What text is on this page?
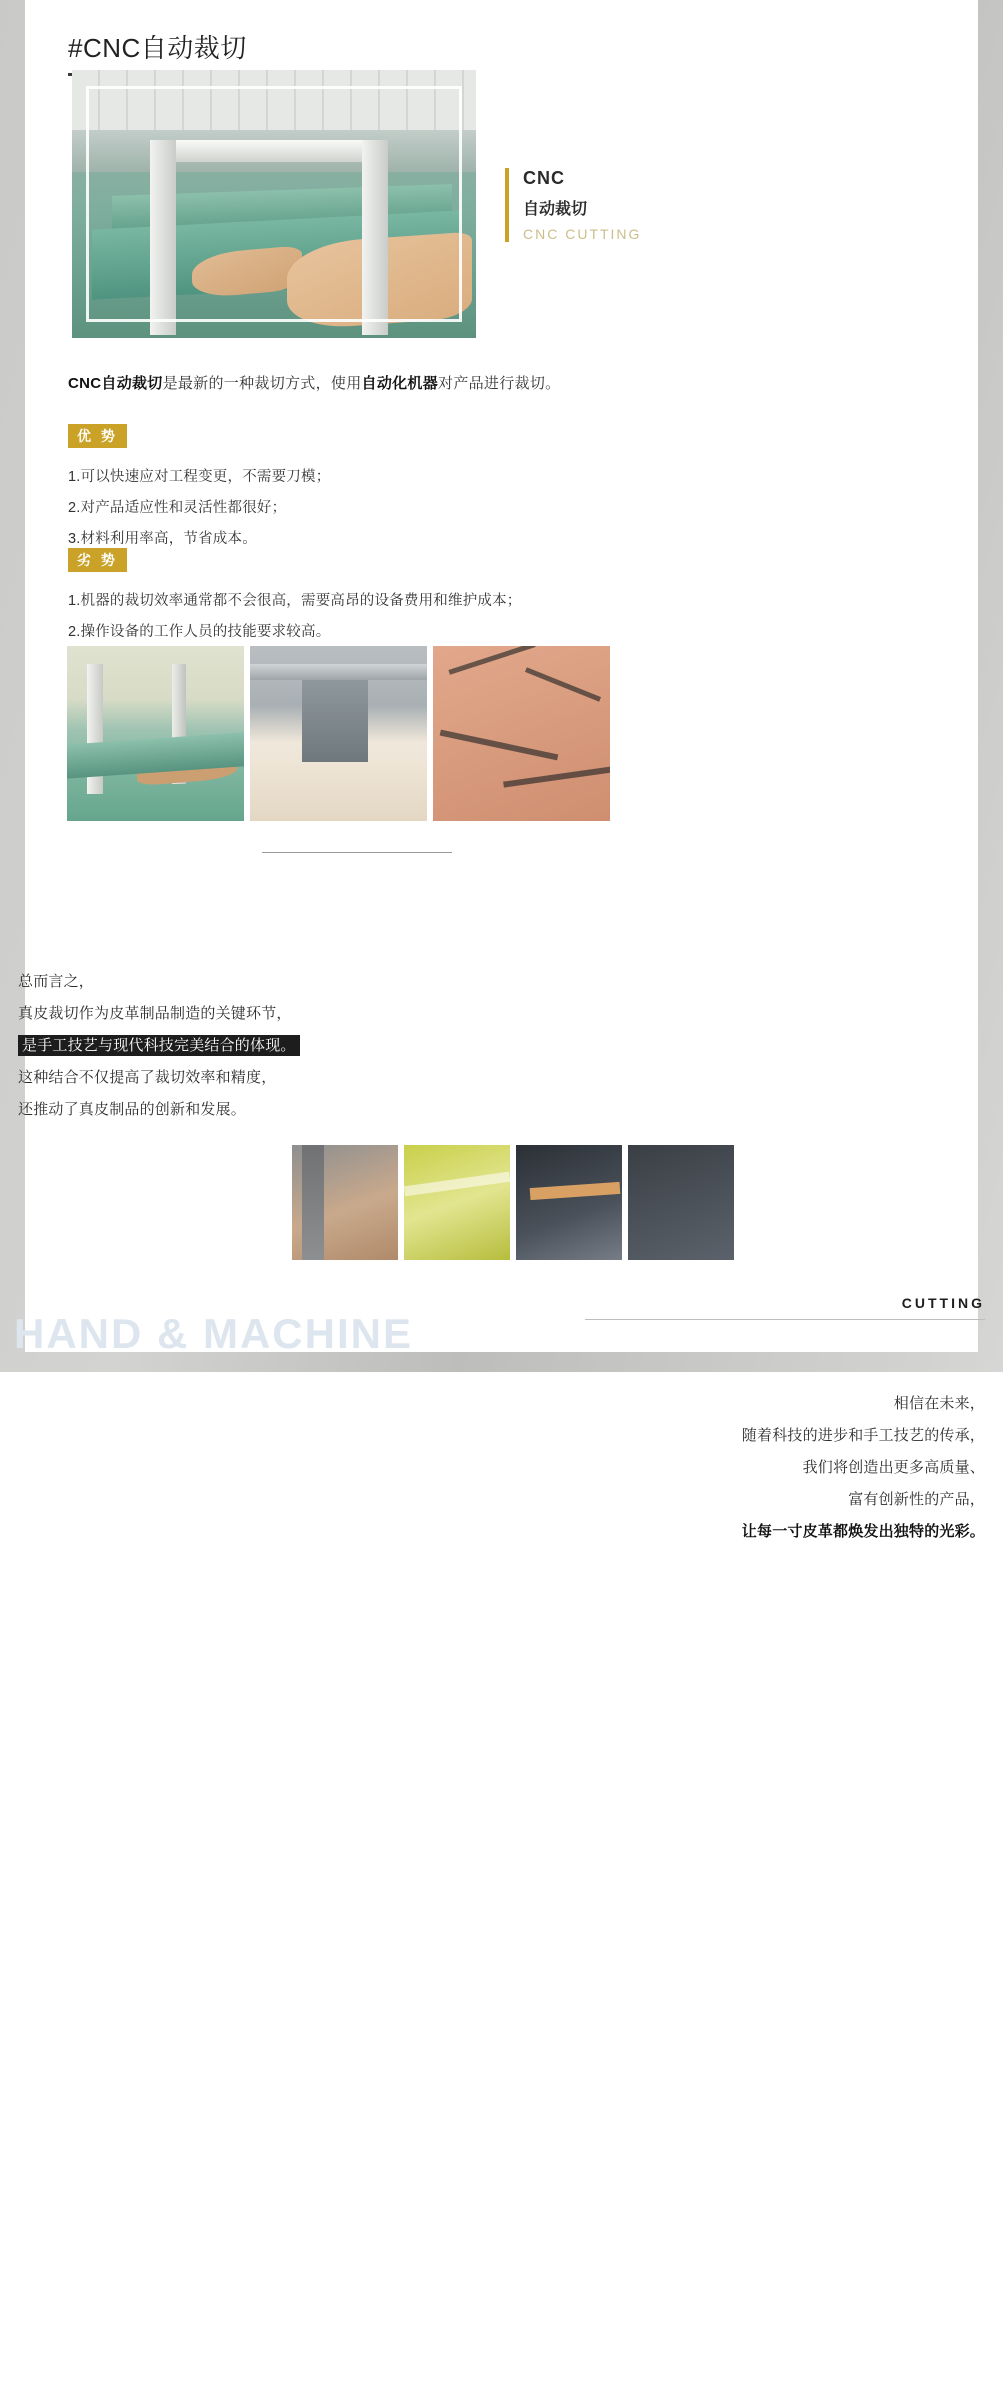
#CNC自动裁切
CNC
自动裁切
CNC CUTTING
CNC自动裁切是最新的一种裁切方式，使用自动化机器对产品进行裁切。
优 势
1.可以快速应对工程变更，不需要刀模；
2.对产品适应性和灵活性都很好；
3.材料利用率高，节省成本。
劣 势
1.机器的裁切效率通常都不会很高，需要高昂的设备费用和维护成本；
2.操作设备的工作人员的技能要求较高。
总而言之，
真皮裁切作为皮革制品制造的关键环节，
是手工技艺与现代科技完美结合的体现。
这种结合不仅提高了裁切效率和精度，
还推动了真皮制品的创新和发展。
HAND & MACHINE
CUTTING
相信在未来，
随着科技的进步和手工技艺的传承，
我们将创造出更多高质量、
富有创新性的产品，
让每一寸皮革都焕发出独特的光彩。
